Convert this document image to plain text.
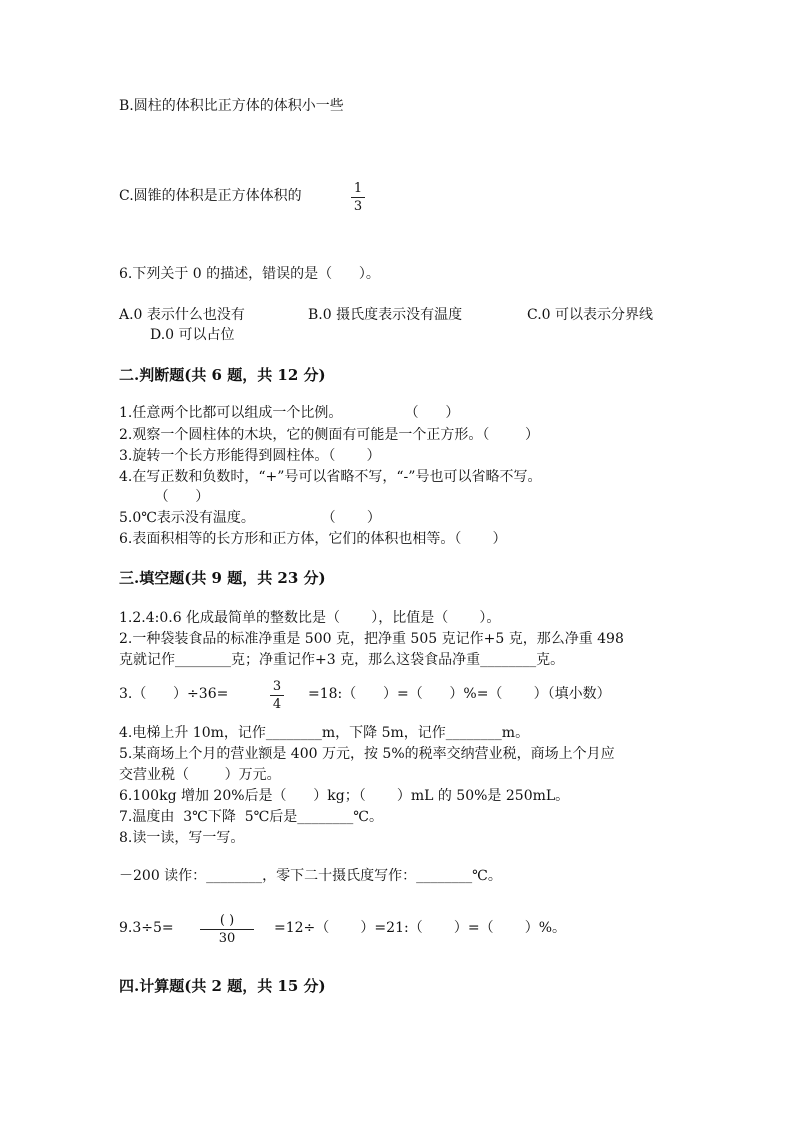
B.圆柱的体积比正方体的体积小一些
C.圆锥的体积是正方体体积的	1
3
6.下列关于 0 的描述，错误的是（      ）。
A.0 表示什么也没有	B.0 摄氏度表示没有温度	C.0 可以表示分界线
D.0 可以占位
二.判断题(共 6 题，共 12 分)
1.任意两个比都可以组成一个比例。              （      ）
2.观察一个圆柱体的木块，它的侧面有可能是一个正方形。（        ）
3.旋转一个长方形能得到圆柱体。（       ）
4.在写正数和负数时，“+”号可以省略不写，“-”号也可以省略不写。
（      ）
5.0℃表示没有温度。               （       ）
6.表面积相等的长方形和正方体，它们的体积也相等。（       ）
三.填空题(共 9 题，共 23 分)
1.2.4:0.6 化成最简单的整数比是（       ），比值是（       ）。
2.一种袋装食品的标准净重是 500 克，把净重 505 克记作+5 克，那么净重 498
克就记作________克；净重记作+3 克，那么这袋食品净重________克。
3.（      ）÷36=	3
4
=18:（      ）=（      ）%=（       ）（填小数）
4.电梯上升 10m，记作________m，下降 5m，记作________m。
5.某商场上个月的营业额是 400 万元，按 5%的税率交纳营业税，商场上个月应
交营业税（        ）万元。
6.100kg 增加 20%后是（      ）kg；（       ）mL 的 50%是 250mL。
7.温度由  3℃下降  5℃后是________℃。
8.读一读，写一写。
－200 读作：________，零下二十摄氏度写作：________℃。
9.3÷5=	( )
30
=12÷（       ）=21:（       ）=（       ）%。
四.计算题(共 2 题，共 15 分)
